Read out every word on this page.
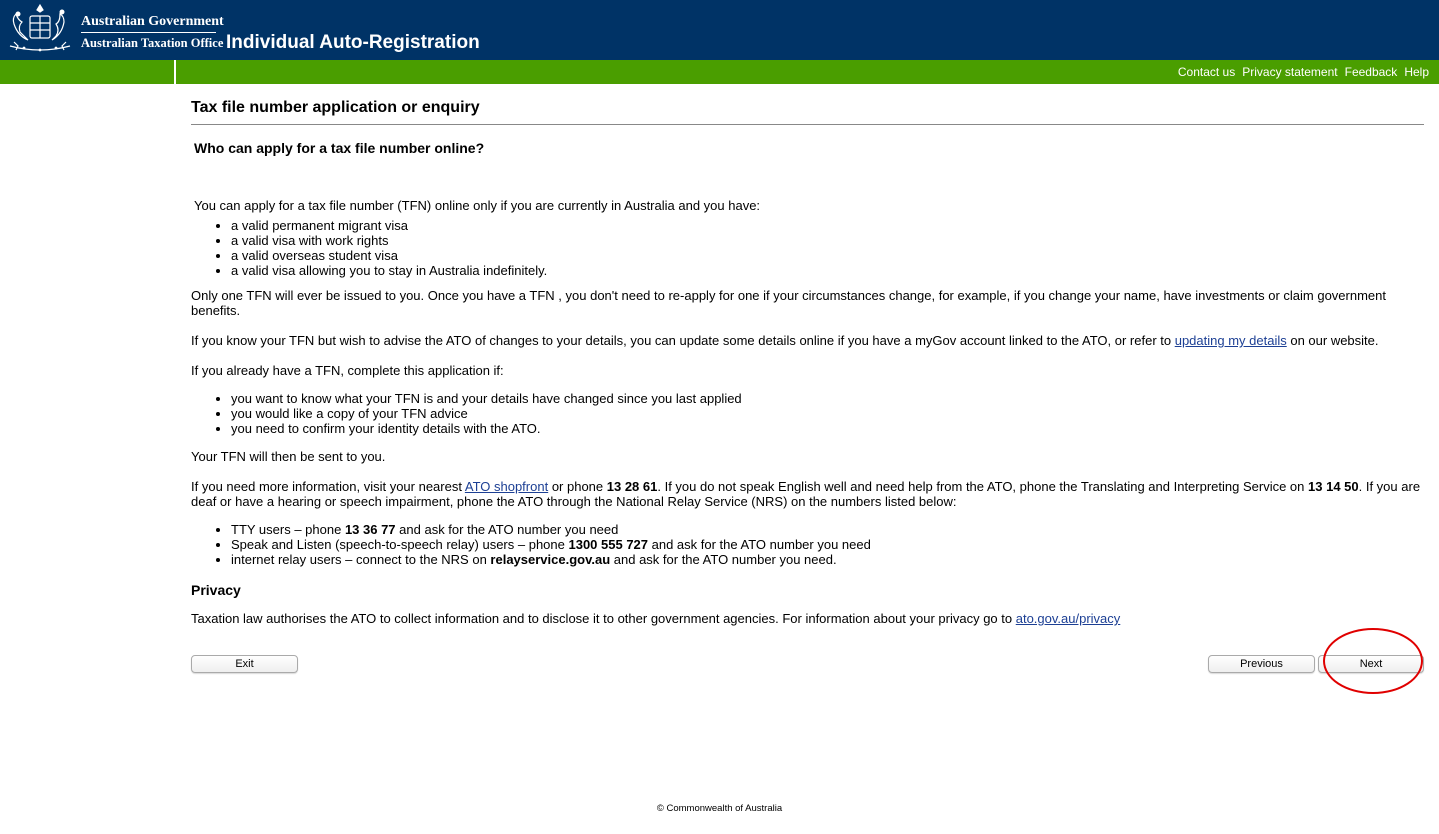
Australian Government
Australian Taxation Office Individual Auto-Registration
Contact us Privacy statement Feedback Help
Tax file number application or enquiry
Who can apply for a tax file number online?

You can apply for a tax file number (TFN) online only if you are currently in Australia and you have:

• a valid permanent migrant visa
• a valid visa with work rights
• a valid overseas student visa
• a valid visa allowing you to stay in Australia indefinitely.

Only one TFN will ever be issued to you. Once you have a TFN , you don't need to re-apply for one if your circumstances change, for example, if you change your name, have investments or claim government benefits.

If you know your TFN but wish to advise the ATO of changes to your details, you can update some details online if you have a myGov account linked to the ATO, or refer to updating my details on our website.

If you already have a TFN, complete this application if:

• you want to know what your TFN is and your details have changed since you last applied
• you would like a copy of your TFN advice
• you need to confirm your identity details with the ATO.

Your TFN will then be sent to you.

If you need more information, visit your nearest ATO shopfront or phone 13 28 61. If you do not speak English well and need help from the ATO, phone the Translating and Interpreting Service on 13 14 50. If you are deaf or have a hearing or speech impairment, phone the ATO through the National Relay Service (NRS) on the numbers listed below:

• TTY users – phone 13 36 77 and ask for the ATO number you need
• Speak and Listen (speech-to-speech relay) users – phone 1300 555 727 and ask for the ATO number you need
• internet relay users – connect to the NRS on relayservice.gov.au and ask for the ATO number you need.
Privacy

Taxation law authorises the ATO to collect information and to disclose it to other government agencies. For information about your privacy go to ato.gov.au/privacy

Exit	Previous	Next
© Commonwealth of Australia
